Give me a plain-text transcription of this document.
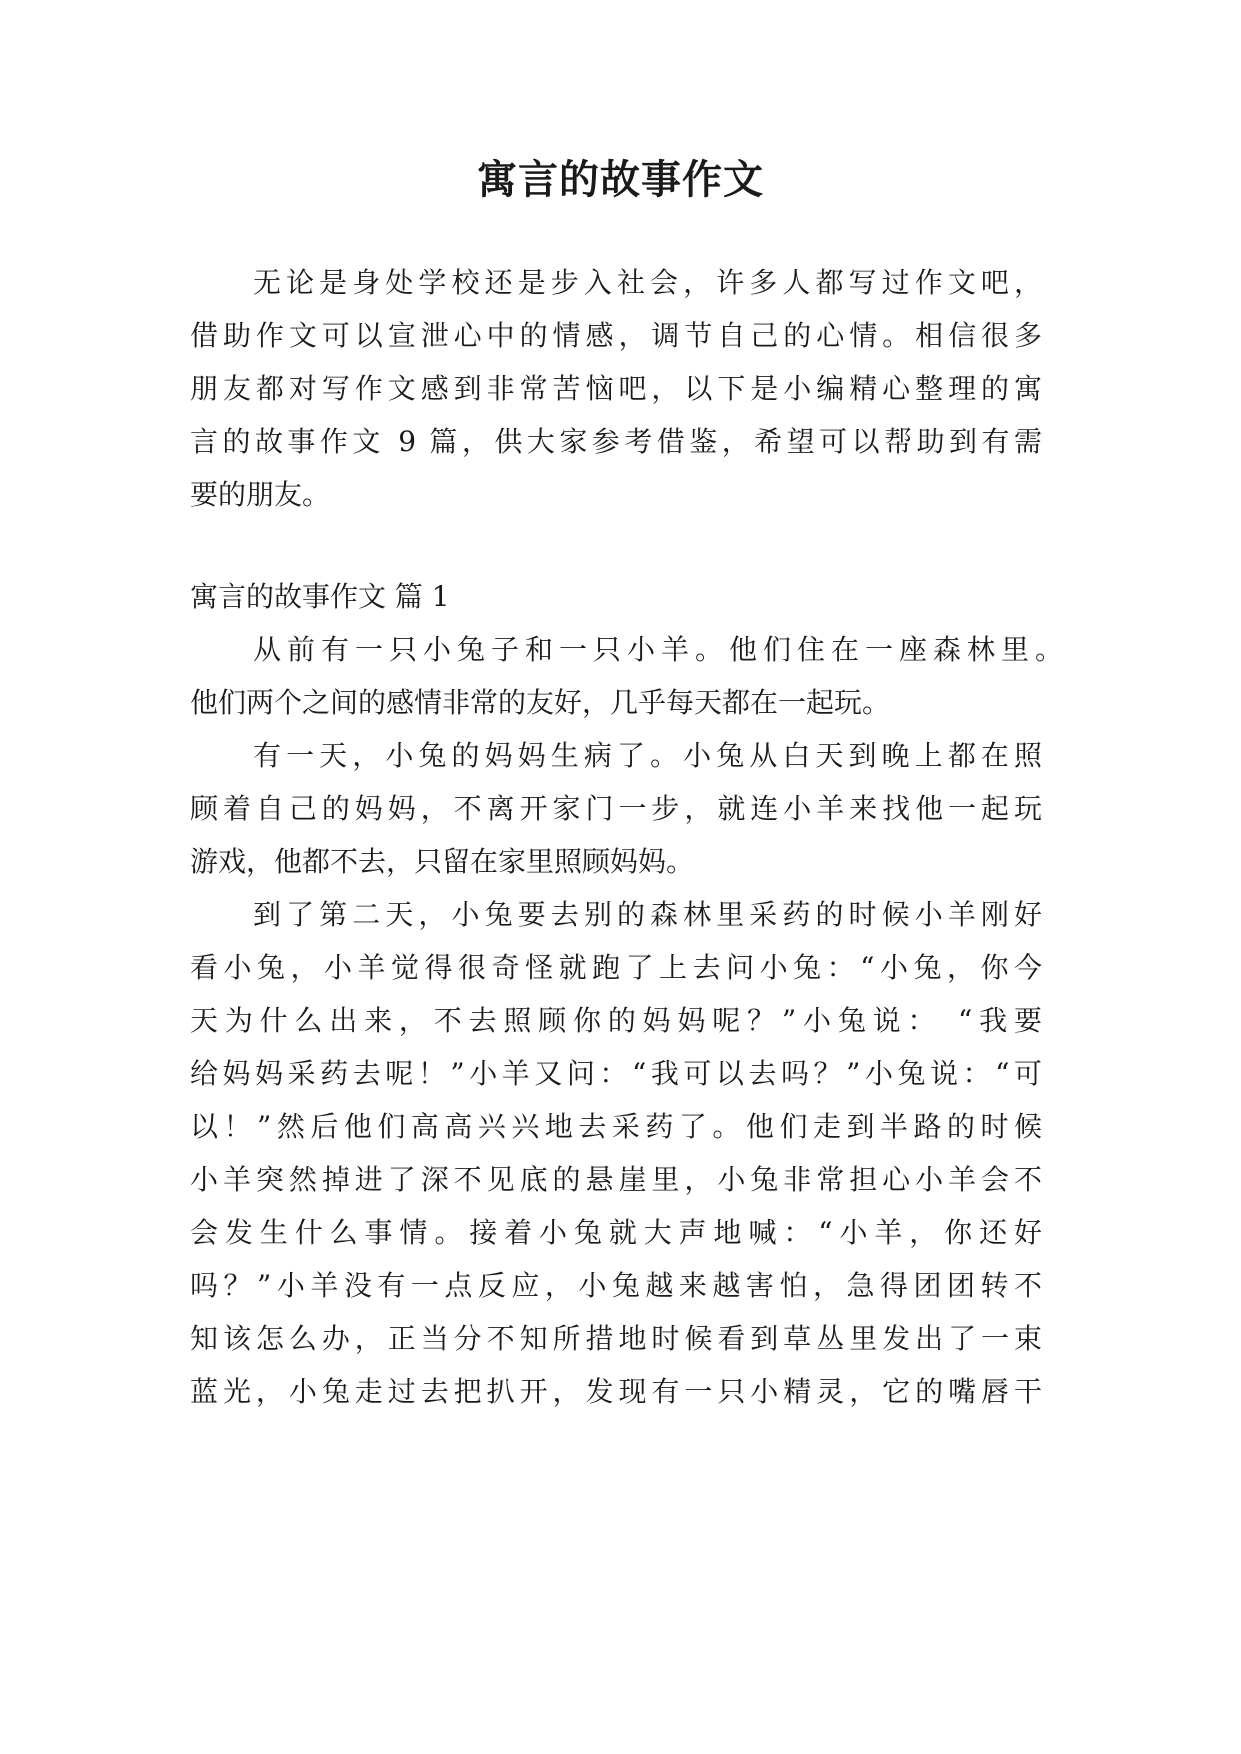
寓言的故事作文
无论是身处学校还是步入社会，许多人都写过作文吧，
借助作文可以宣泄心中的情感，调节自己的心情。相信很多
朋友都对写作文感到非常苦恼吧，以下是小编精心整理的寓
言的故事作文 9 篇，供大家参考借鉴，希望可以帮助到有需
要的朋友。
寓言的故事作文 篇 1
从前有一只小兔子和一只小羊。他们住在一座森林里。
他们两个之间的感情非常的友好，几乎每天都在一起玩。
有一天，小兔的妈妈生病了。小兔从白天到晚上都在照
顾着自己的妈妈，不离开家门一步，就连小羊来找他一起玩
游戏，他都不去，只留在家里照顾妈妈。
到了第二天，小兔要去别的森林里采药的时候小羊刚好
看小兔，小羊觉得很奇怪就跑了上去问小兔：“小兔，你今
天为什么出来，不去照顾你的妈妈呢？”小兔说： “我要
给妈妈采药去呢！”小羊又问：“我可以去吗？”小兔说：“可
以！”然后他们高高兴兴地去采药了。他们走到半路的时候
小羊突然掉进了深不见底的悬崖里，小兔非常担心小羊会不
会发生什么事情。接着小兔就大声地喊：“小羊，你还好
吗？”小羊没有一点反应，小兔越来越害怕，急得团团转不
知该怎么办，正当分不知所措地时候看到草丛里发出了一束
蓝光，小兔走过去把扒开，发现有一只小精灵，它的嘴唇干
